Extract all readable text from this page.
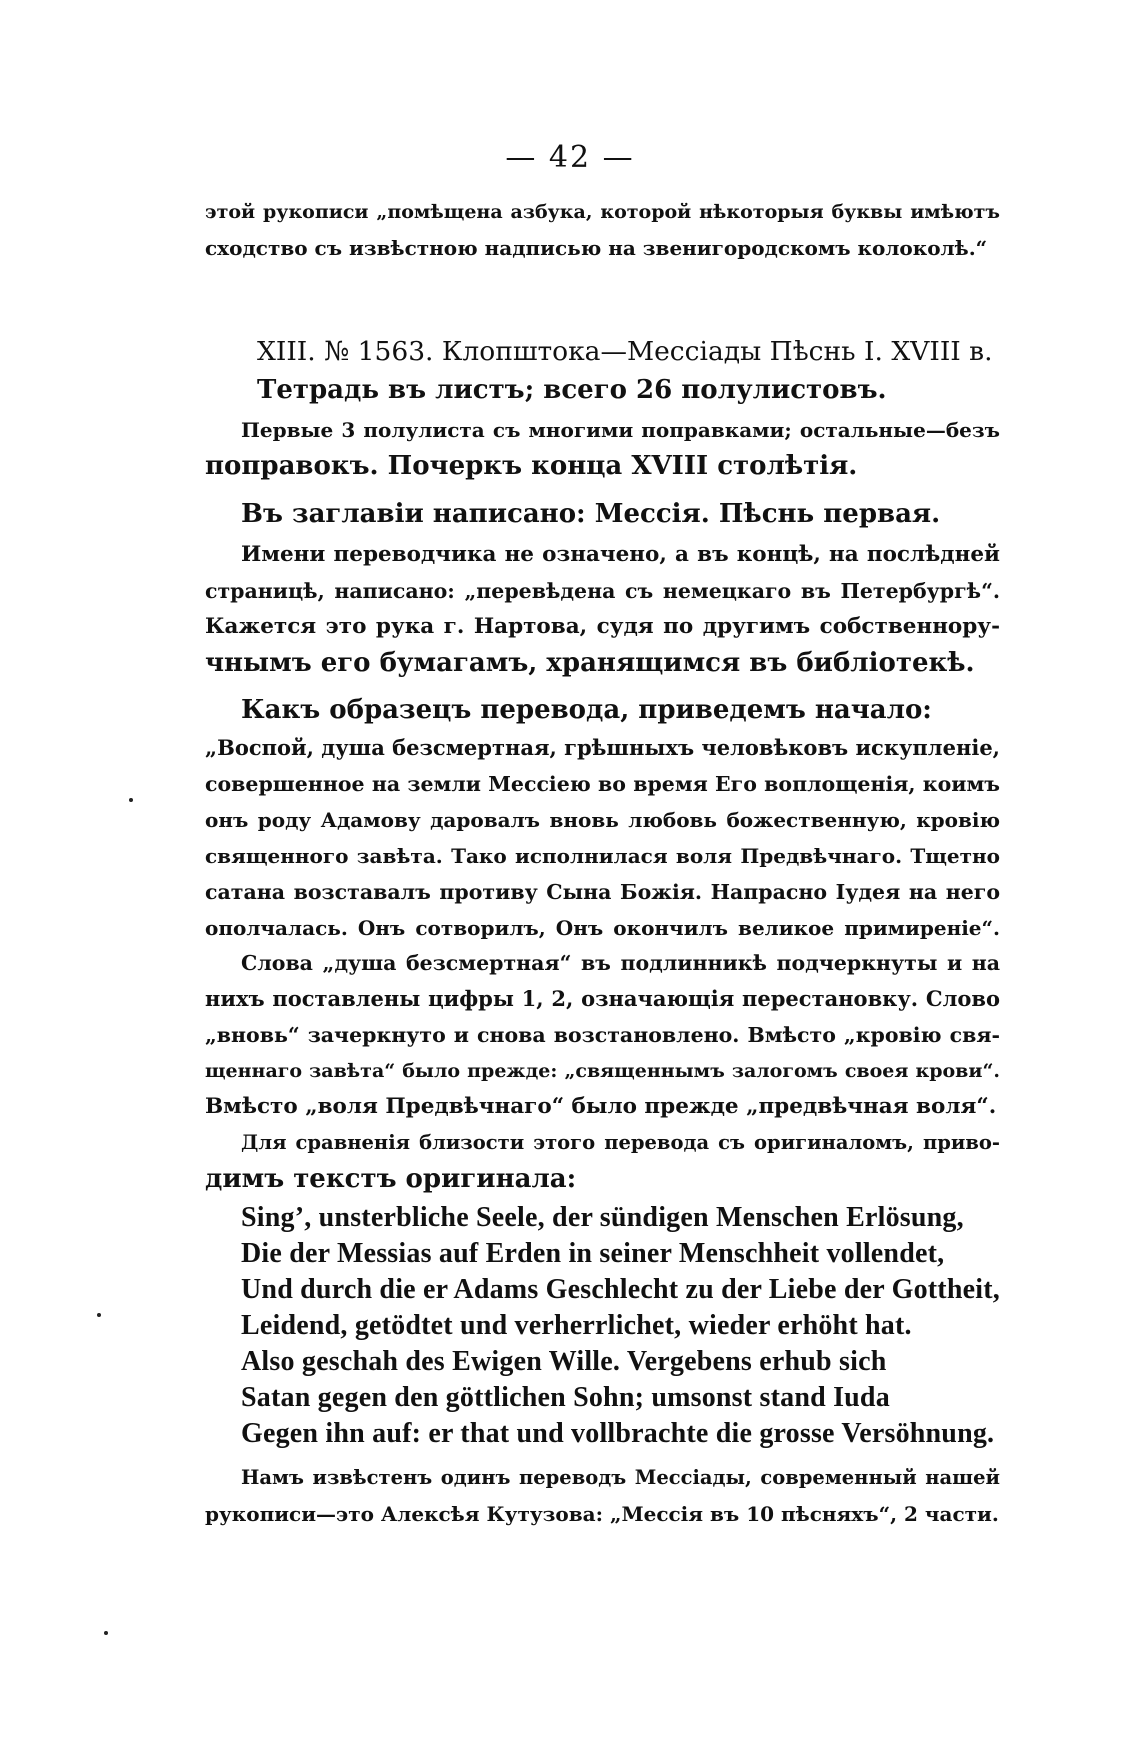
— 42 —
этой рукописи „помѣщена азбука, которой нѣкоторыя буквы имѣютъ
сходство съ извѣстною надписью на звенигородскомъ колоколѣ.“
XIII. № 1563. Клопштока—Мессіады Пѣснь I. XVIII в.
Тетрадь въ листъ; всего 26 полулистовъ.
Первые 3 полулиста съ многими поправками; остальные—безъ
поправокъ. Почеркъ конца XVIII столѣтія.
Въ заглавіи написано: Мессія. Пѣснь первая.
Имени переводчика не означено, а въ концѣ, на послѣдней
страницѣ, написано: „перевѣдена съ немецкаго въ Петербургѣ“.
Кажется это рука г. Нартова, судя по другимъ собственнору-
чнымъ его бумагамъ, хранящимся въ библіотекѣ.
Какъ образецъ перевода, приведемъ начало:
„Воспой, душа безсмертная, грѣшныхъ человѣковъ искупленіе,
совершенное на земли Мессіею во время Его воплощенія, коимъ
онъ роду Адамову даровалъ вновь любовь божественную, кровію
священного завѣта. Тако исполнилася воля Предвѣчнаго. Тщетно
сатана возставалъ противу Сына Божія. Напрасно Іудея на него
ополчалась. Онъ сотворилъ, Онъ окончилъ великое примиреніе“.
Слова „душа безсмертная“ въ подлинникѣ подчеркнуты и на
нихъ поставлены цифры 1, 2, означающія перестановку. Слово
„вновь“ зачеркнуто и снова возстановлено. Вмѣсто „кровію свя-
щеннаго завѣта“ было прежде: „священнымъ залогомъ своея крови“.
Вмѣсто „воля Предвѣчнаго“ было прежде „предвѣчная воля“.
Для сравненія близости этого перевода съ оригиналомъ, приво-
димъ текстъ оригинала:
Sing’, unsterbliche Seele, der sündigen Menschen Erlösung,
Die der Messias auf Erden in seiner Menschheit vollendet,
Und durch die er Adams Geschlecht zu der Liebe der Gottheit,
Leidend, getödtet und verherrlichet, wieder erhöht hat.
Also geschah des Ewigen Wille. Vergebens erhub sich
Satan gegen den göttlichen Sohn; umsonst stand Iuda
Gegen ihn auf: er that und vollbrachte die grosse Versöhnung.
Намъ извѣстенъ одинъ переводъ Мессіады, современный нашей
рукописи—это Алексѣя Кутузова: „Мессія въ 10 пѣсняхъ“, 2 части.
